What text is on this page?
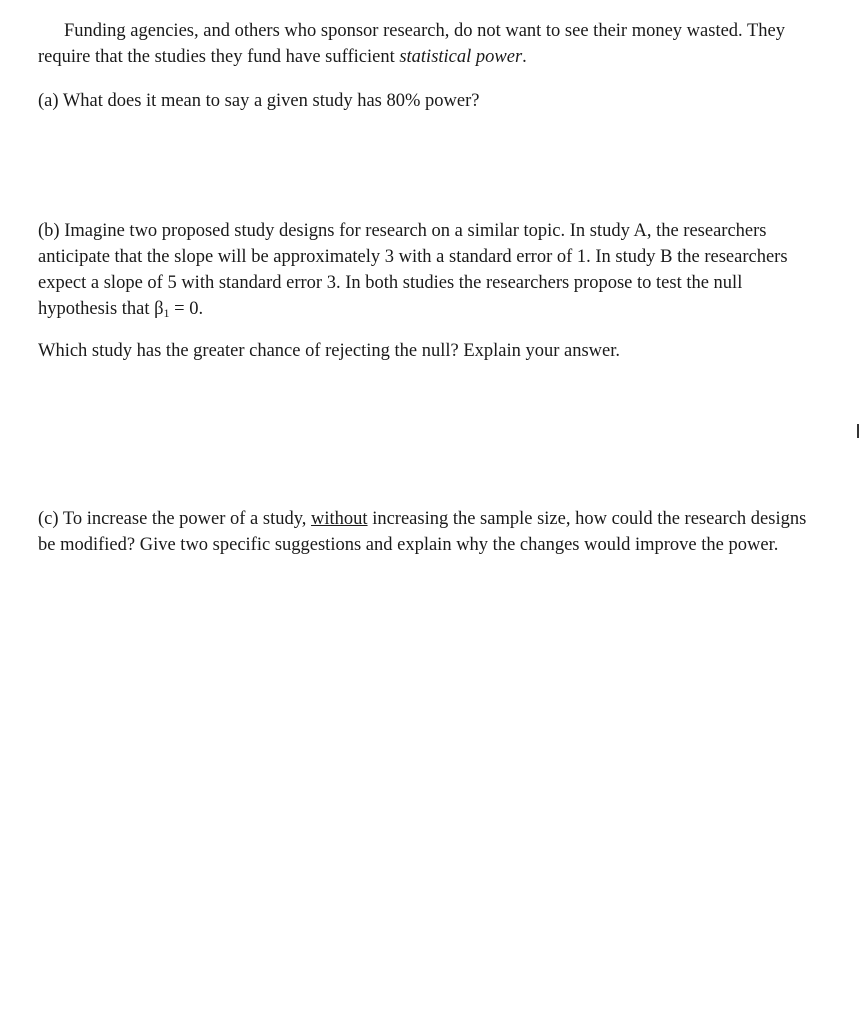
Funding agencies, and others who sponsor research, do not want to see their money wasted. They require that the studies they fund have sufficient statistical power.

(a) What does it mean to say a given study has 80% power?

(b) Imagine two proposed study designs for research on a similar topic. In study A, the researchers anticipate that the slope will be approximately 3 with a standard error of 1. In study B the researchers expect a slope of 5 with standard error 3. In both studies the researchers propose to test the null hypothesis that $\beta_1 = 0$.

Which study has the greater chance of rejecting the null? Explain your answer.

(c) To increase the power of a study, without increasing the sample size, how could the research designs be modified? Give two specific suggestions and explain why the changes would improve the power.
